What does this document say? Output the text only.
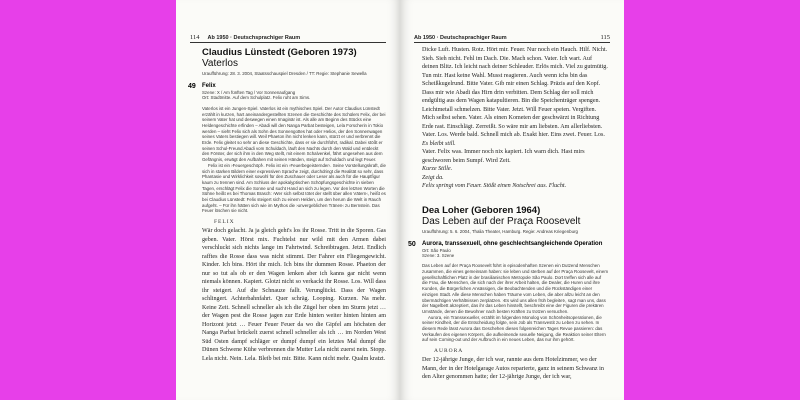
114 Ab 1950 · Deutschsprachiger Raum
Claudius Lünstedt (Geboren 1973)
Vaterlos
Uraufführung: 28. 3. 2004, Staatsschauspiel Dresden / TT: Regie: Stephanie Sewella
49 Felix
Szene: X / Am fünften Tag / Vor Sonnenaufgang
Ort: Stadtmitte. Auf dem Schulplatz. Felix ruht am Sims.

Vaterlos ist ein Jungen-Spiel. Vaterlos ist ein mythisches Spiel. Der Autor Claudius Lünstedt erzählt in kurzen, hart aneinandergestellten Szenen die Geschichte des Schülers Felix, der bei seinem Vater hat und deswegen einen Imaginär ist. Als alle am Beginn des Stücks eine Heldengeschichte erfinden – Abadi will den Nanga Parbat besteigen, Lela Forscherin in Tokio werden – sieht Felix sich als Sohn des Sonnengottes hat oder Helios, der den Sonnenwagen seines Vaters bestiegen will. Weil Phaeton ihn nicht lenken kann, stürzt er und verbrennt die Erde. Felix gleitet so sehr an diese Geschichte, dass er sie durchführt, radikal. Dabei stößt er seinen Schul-Freund Abadi vom Schuldach, läuft den Nachts durch den Wald und entdeckt den Förster, der sich ihm in den Weg stellt, mit einem Schalvenkel, fährt ungesehen aus dem Gefängnis, erwägt den Aufbahen mit seinen Händen, steigt auf Schuldach und legt Feuer.

Felix ist ein ›Feuergeschöpf‹. Felix ist ein ›Feuerbegeisternder‹. Seine Vorstellungskraft, die sich in starken Bildern einer expressiven Sprache zeigt, durchdringt die Realität so sehr, dass Phantasie und Wirklichkeit sowohl für den Zuschauer oder Leser als auch für die Hauptfigur kaum zu trennen sind. Am Schluss der apokalyptischen Schöpfungsgeschichte in sieben Tagen, erschlägt Felix die Sonne und sucht Hand an sich zu legen. Vor den letzten Worten die Sühne heißt es bei Thomas Brasch: ›Wer sich selbst tötet der stellt über allen Vätern‹, heißt es bei Claudius Lünstedt: Felix steigert sich zu einem Helden, um den herum die Welt in Rauch aufgeht. – Für ihn hätten sich wie im Mythos die ›unvergeblichen Tränen‹ zu Bernstein. Das Feuer löschen sie nicht.

FELIX

Wär doch gelacht. Ja ja gleich geht's los ihr Rosse. Tritt in die Sporen. Gas geben. Vater. Hörst mix. Fuchtelst nur wild mit den Armen dabei verschluckt sich nichts lange im Fahrtwind. Schreibtragen. Jetzt. Endlich rafftes die Rosse dass was nicht stimmt. Der Fahrer ein Fliegengewicht. Kinder. Ich bins. Hört ihr mich. Ich bins ihr dummen Rosse. Phaeton der nur so tut als ob er den Wagen lenken aber ich kanns gar nicht wenn niemals können. Kapiert. Glotzt nicht so verkackt ihr Rosse. Los. Will dass ihr steigert. Auf die Schnauze fallt. Verunglückt. Dass der Wagen schlingert. Achterbahnfahrt. Quer schräg. Looping. Kurzen. Na mehr. Keine Zeit. Schnell schneller als ich die Zügel her oben im Sturm jetzt … der Wagen pest die Rosse jagen zur Erde hinten weiter hinten hinten am Horizont jetzt … Feuer Feuer Feuer da wo die Gipfel am höchsten der Nanga Parbat brückelt zuerst schnell schneller als ich … im Norden West Süd Osten dampf schläger er dumpf dumpf ein letztes Mal dumpf die Dünen Schwene Kühe verbrennen die Mutter Lela nicht zuerst nein. Stopp. Lela nicht. Nein. Lela. Bleib bei mir. Bitte. Kann nicht mehr. Qualm kratzt.

Ab 1950 · Deutschsprachiger Raum	115

Dicke Luft. Husten. Rotz. Hört mir. Feuer. Nur noch ein Hauch. Hilf. Nicht. Sieh. Sieh nicht. Fehl im Dach. Die. Mach schon. Vater. Ich wart. Auf deinen Blitz. Ich leicht nach deiner Schleuder. Erlös mich. Viel zu gutmütig. Tun mir. Hast keine Wahl. Musst reagieren. Auch wenn ichs bin das Scheißkugelrund. Bitte Vater. Gib mir einen Schlag. Präzis auf den Kopf. Dass mir wie Abadi das Hirn drin verbitten. Dem Schlag der soll mich endgültig aus dem Wagen katapultieren. Bin die Speichenträger spengen. Leichtmetall schmelzen. Bitte Vater. Jetzt. Will Feuer speien. Vergiften. Mich selbst sehen. Vater. Als einen Kometen der geschwärzt in Richtung Erde rast. Einschlägt. Zerreißt. So wäre mir am liebsten. Am allerliebsten. Vater. Los. Werde bald. Schnell mich ab. Exakt hier. Eins zwei. Feuer. Los.

Es bleibt still.

Vater. Felix was. Immer noch nix kapiert. Ich warn dich. Hast mirs geschworen beim Sumpf. Wird Zeit.

Kurze Stille.

Zeigt da.

Felix springt vom Feuer. Stößt einen Notschrei aus. Flucht.

Dea Loher (Geboren 1964)
Das Leben auf der Praça Roosevelt
Uraufführung: 5. 6. 2004, Thalia Theater, Hamburg. Regie: Andreas Kriegenburg
50 Aurora, transsexuell, ohne geschlechtsangleichende Operation
Ort: São Paulo
Szene: 3. Szene

Das Leben auf der Praça Roosevelt führt in episodenhaften Szenen ein Dutzend Menschen zusammen, die eines gemeinsam haben: sie leben und sterben auf der Praça Roosevelt, einem gesellschaftlichen Platz in der brasilianischen Metropole São Paulo. Dort treffen sich alle auf die Frau, die Menschen, die sich nach der ihrer Arbeit halten, die Dealer, die Huren und ihre Kunden, die Bürgerlichen Ansässigen, die Beobachtenden und die Rückständigen einer einzigen Stadt. Alle diese Menschen haben Träume vom Leben, die aber allzu leicht an den übermächtigen Verhältnissen zerplatzen. ›Es wird uns allen früh begleitet‹, sagt man uns, dass der Nagelbett akzeptiert, das ihr das Leben hinstellt, beschreibt eine der Figuren die prekären Umstände, denen die Bewohner nach besten Kräften zu trotzen versuchen.

Aurora, ein Transsexueller, erzählt im folgenden Monolog von Schönheitsoperationen, die seiner Kindheit, der die Entscheidung folgte, sein Job als Transvestit zu Leben zu sehen. In diesem Rede lässt Aurora das Geschehen dieses folgenreichen Tages Revue passieren: das Verkaufen des eigenen Körpers, die aufkeimende sexuelle Neigung, die Reaktion seiner Eltern auf sein Coming-out und der Aufbruch in ein neues Leben, das nur ihm gehört.

AURORA

Der 12-jährige Junge, der ich war, rannte aus dem Hotelzimmer, wo der Mann, der in der Hotelgarage Autos reparierte, ganz in seinem Schwanz in den Alter genommen hatte; der 12-jährige Junge, der ich war,
